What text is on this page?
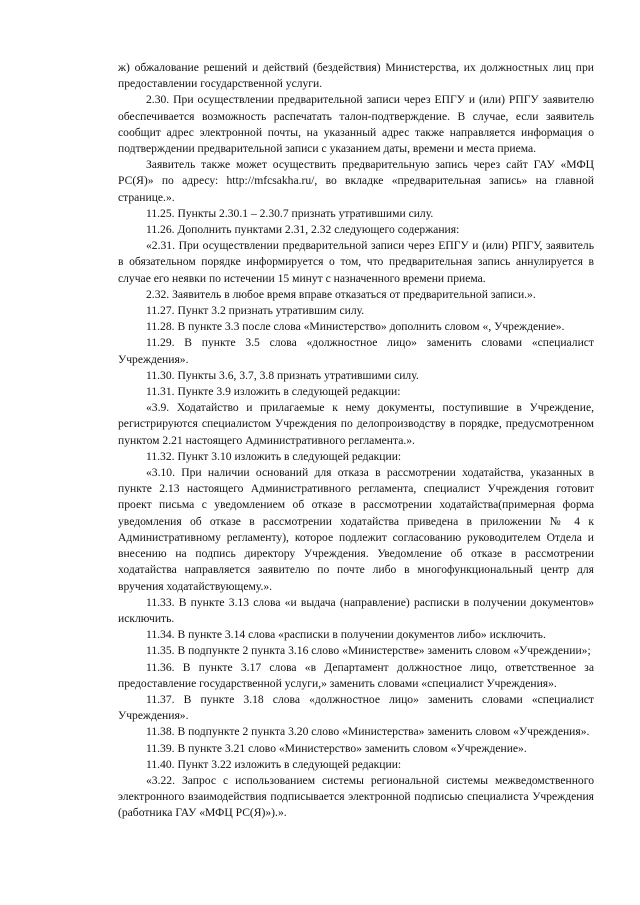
ж) обжалование решений и действий (бездействия) Министерства, их должностных лиц при предоставлении государственной услуги.

2.30. При осуществлении предварительной записи через ЕПГУ и (или) РПГУ заявителю обеспечивается возможность распечатать талон-подтверждение. В случае, если заявитель сообщит адрес электронной почты, на указанный адрес также направляется информация о подтверждении предварительной записи с указанием даты, времени и места приема.

Заявитель также может осуществить предварительную запись через сайт ГАУ «МФЦ РС(Я)» по адресу: http://mfcsakha.ru/, во вкладке «предварительная запись» на главной странице.».

11.25. Пункты 2.30.1 – 2.30.7 признать утратившими силу.

11.26. Дополнить пунктами 2.31, 2.32 следующего содержания:

«2.31. При осуществлении предварительной записи через ЕПГУ и (или) РПГУ, заявитель в обязательном порядке информируется о том, что предварительная запись аннулируется в случае его неявки по истечении 15 минут с назначенного времени приема.

2.32. Заявитель в любое время вправе отказаться от предварительной записи.».

11.27. Пункт 3.2 признать утратившим силу.

11.28. В пункте 3.3 после слова «Министерство» дополнить словом «, Учреждение».

11.29. В пункте 3.5 слова «должностное лицо» заменить словами «специалист Учреждения».

11.30. Пункты 3.6, 3.7, 3.8 признать утратившими силу.

11.31. Пункте 3.9 изложить в следующей редакции:

«3.9. Ходатайство и прилагаемые к нему документы, поступившие в Учреждение, регистрируются специалистом Учреждения по делопроизводству в порядке, предусмотренном пунктом 2.21 настоящего Административного регламента.».

11.32. Пункт 3.10 изложить в следующей редакции:

«3.10. При наличии оснований для отказа в рассмотрении ходатайства, указанных в пункте 2.13 настоящего Административного регламента, специалист Учреждения готовит проект письма с уведомлением об отказе в рассмотрении ходатайства(примерная форма уведомления об отказе в рассмотрении ходатайства приведена в приложении № 4 к Административному регламенту), которое подлежит согласованию руководителем Отдела и внесению на подпись директору Учреждения. Уведомление об отказе в рассмотрении ходатайства направляется заявителю по почте либо в многофункциональный центр для вручения ходатайствующему.».

11.33. В пункте 3.13 слова «и выдача (направление) расписки в получении документов» исключить.

11.34. В пункте 3.14 слова «расписки в получении документов либо» исключить.

11.35. В подпункте 2 пункта 3.16 слово «Министерстве» заменить словом «Учреждении»;

11.36. В пункте 3.17 слова «в Департамент должностное лицо, ответственное за предоставление государственной услуги,» заменить словами «специалист Учреждения».

11.37. В пункте 3.18 слова «должностное лицо» заменить словами «специалист Учреждения».

11.38. В подпункте 2 пункта 3.20 слово «Министерства» заменить словом «Учреждения».

11.39. В пункте 3.21 слово «Министерство» заменить словом «Учреждение».

11.40. Пункт 3.22 изложить в следующей редакции:

«3.22. Запрос с использованием системы региональной системы межведомственного электронного взаимодействия подписывается электронной подписью специалиста Учреждения (работника ГАУ «МФЦ РС(Я)»).».
